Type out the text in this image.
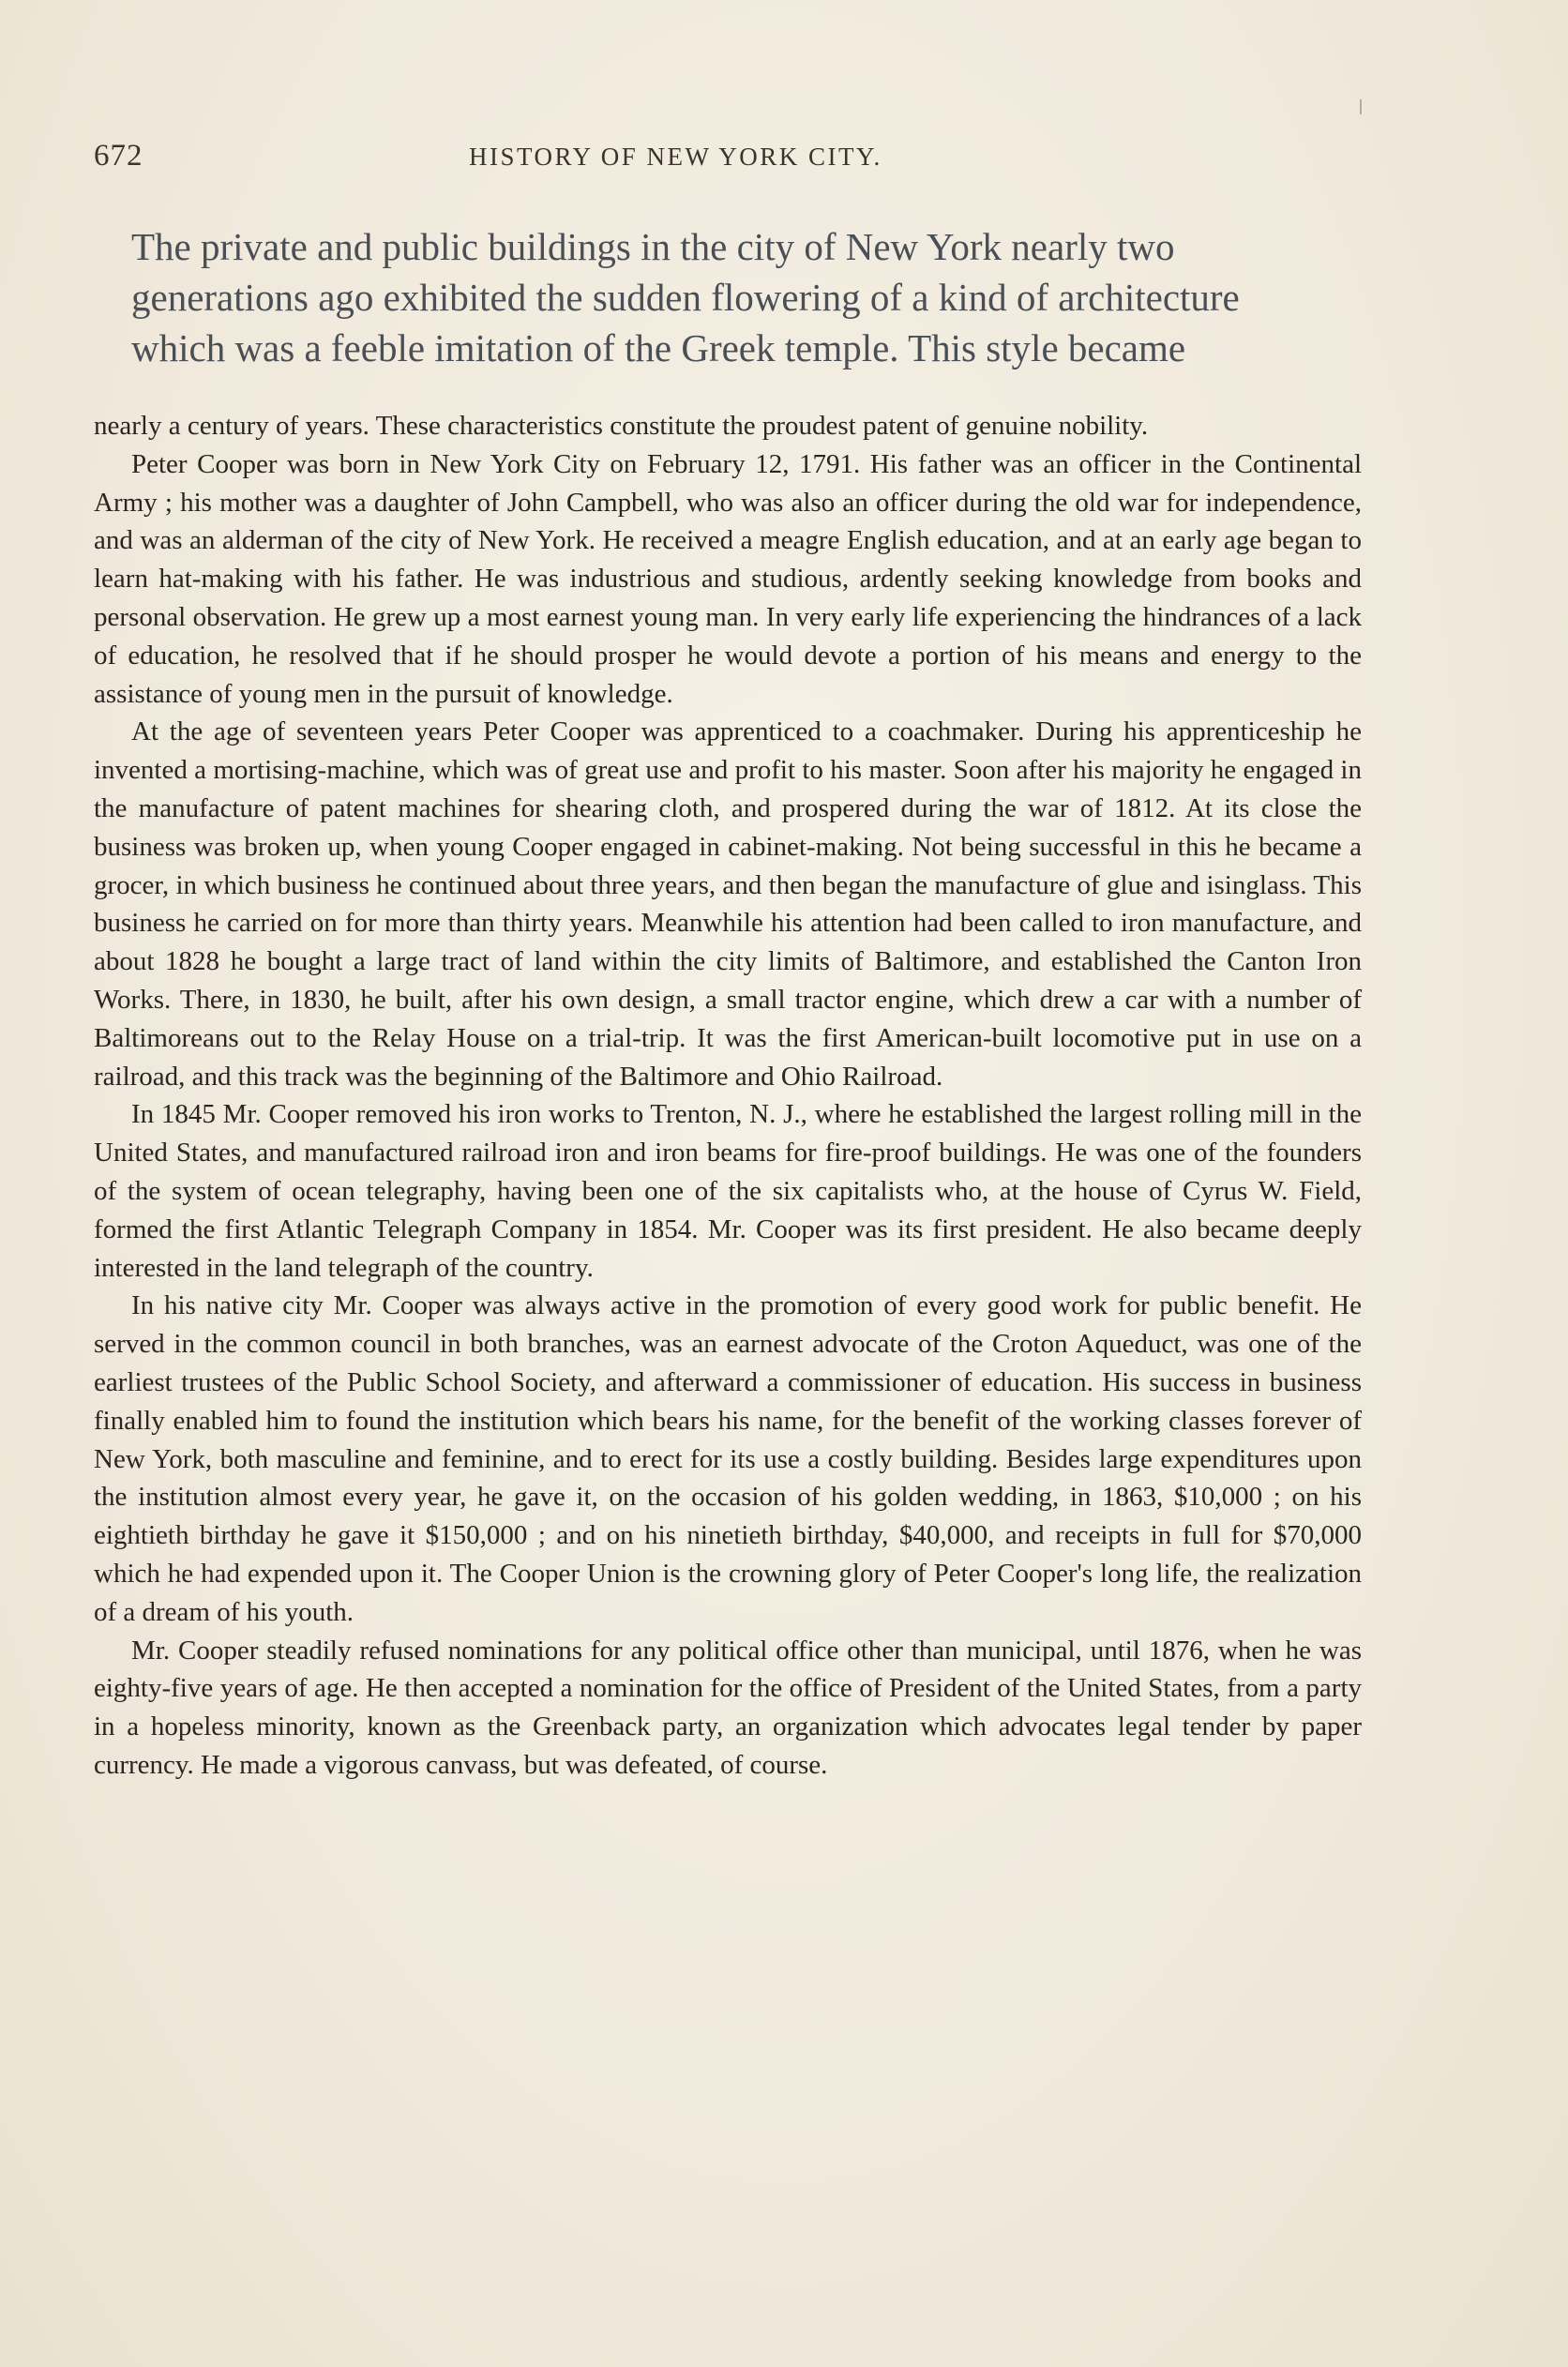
672	HISTORY OF NEW YORK CITY.

The private and public buildings in the city of New York nearly two

generations ago exhibited the sudden flowering of a kind of architecture

which was a feeble imitation of the Greek temple. This style became

nearly a century of years. These characteristics constitute the proudest patent of genuine nobility.

Peter Cooper was born in New York City on February 12, 1791. His father was an officer in the Continental Army ; his mother was a daughter of John Campbell, who was also an officer during the old war for independence, and was an alderman of the city of New York. He received a meagre English education, and at an early age began to learn hat-making with his father. He was industrious and studious, ardently seeking knowledge from books and personal observation. He grew up a most earnest young man. In very early life experiencing the hindrances of a lack of education, he resolved that if he should prosper he would devote a portion of his means and energy to the assistance of young men in the pursuit of knowledge.

At the age of seventeen years Peter Cooper was apprenticed to a coachmaker. During his apprenticeship he invented a mortising-machine, which was of great use and profit to his master. Soon after his majority he engaged in the manufacture of patent machines for shearing cloth, and prospered during the war of 1812. At its close the business was broken up, when young Cooper engaged in cabinet-making. Not being successful in this he became a grocer, in which business he continued about three years, and then began the manufacture of glue and isinglass. This business he carried on for more than thirty years. Meanwhile his attention had been called to iron manufacture, and about 1828 he bought a large tract of land within the city limits of Baltimore, and established the Canton Iron Works. There, in 1830, he built, after his own design, a small tractor engine, which drew a car with a number of Baltimoreans out to the Relay House on a trial-trip. It was the first American-built locomotive put in use on a railroad, and this track was the beginning of the Baltimore and Ohio Railroad.

In 1845 Mr. Cooper removed his iron works to Trenton, N. J., where he established the largest rolling mill in the United States, and manufactured railroad iron and iron beams for fire-proof buildings. He was one of the founders of the system of ocean telegraphy, having been one of the six capitalists who, at the house of Cyrus W. Field, formed the first Atlantic Telegraph Company in 1854. Mr. Cooper was its first president. He also became deeply interested in the land telegraph of the country.

In his native city Mr. Cooper was always active in the promotion of every good work for public benefit. He served in the common council in both branches, was an earnest advocate of the Croton Aqueduct, was one of the earliest trustees of the Public School Society, and afterward a commissioner of education. His success in business finally enabled him to found the institution which bears his name, for the benefit of the working classes forever of New York, both masculine and feminine, and to erect for its use a costly building. Besides large expenditures upon the institution almost every year, he gave it, on the occasion of his golden wedding, in 1863, $10,000 ; on his eightieth birthday he gave it $150,000 ; and on his ninetieth birthday, $40,000, and receipts in full for $70,000 which he had expended upon it. The Cooper Union is the crowning glory of Peter Cooper's long life, the realization of a dream of his youth.

Mr. Cooper steadily refused nominations for any political office other than municipal, until 1876, when he was eighty-five years of age. He then accepted a nomination for the office of President of the United States, from a party in a hopeless minority, known as the Greenback party, an organization which advocates legal tender by paper currency. He made a vigorous canvass, but was defeated, of course.
